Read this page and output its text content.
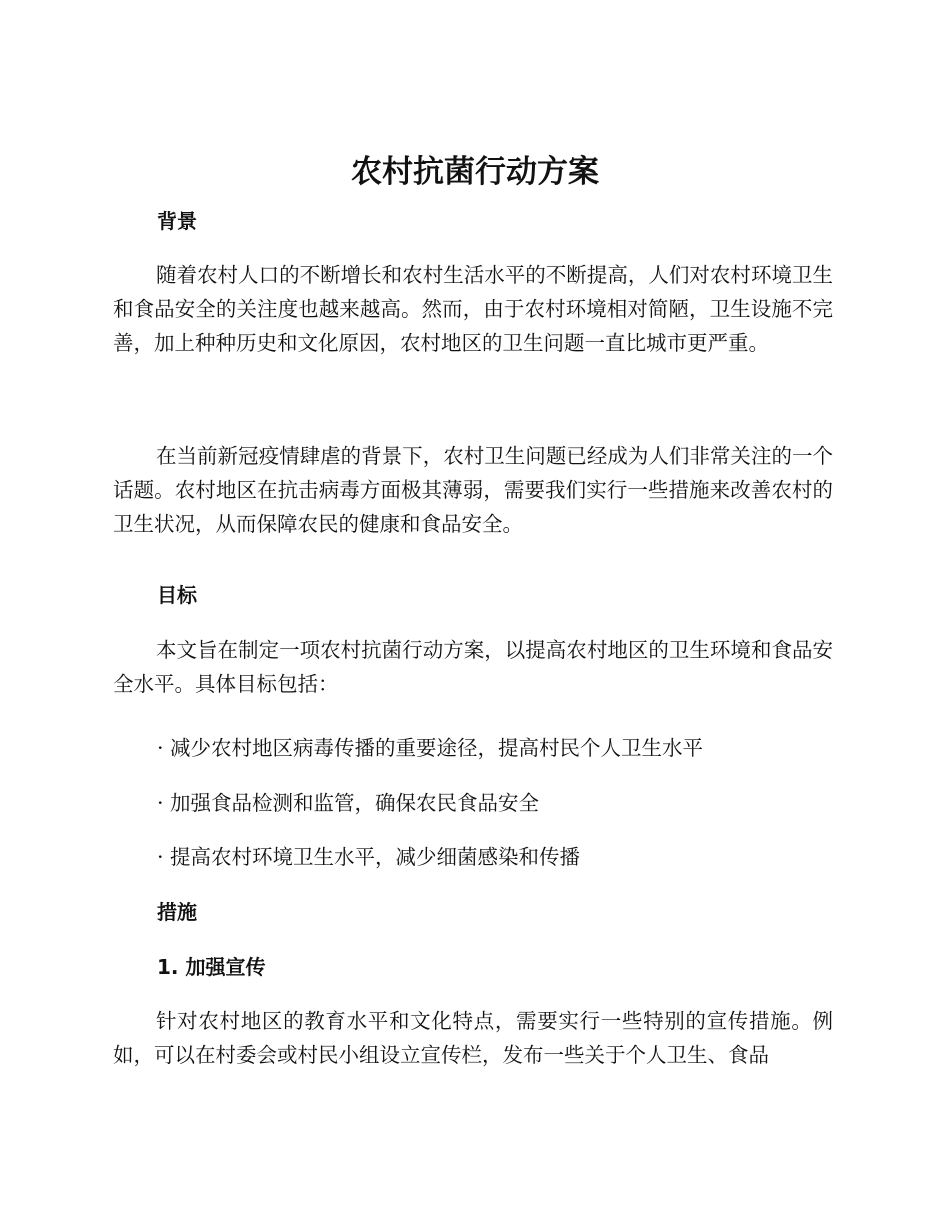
农村抗菌行动方案
背景

随着农村人口的不断增长和农村生活水平的不断提高，人们对农村环境卫生和食品安全的关注度也越来越高。然而，由于农村环境相对简陋，卫生设施不完善，加上种种历史和文化原因，农村地区的卫生问题一直比城市更严重。

在当前新冠疫情肆虐的背景下，农村卫生问题已经成为人们非常关注的一个话题。农村地区在抗击病毒方面极其薄弱，需要我们实行一些措施来改善农村的卫生状况，从而保障农民的健康和食品安全。

目标

本文旨在制定一项农村抗菌行动方案，以提高农村地区的卫生环境和食品安全水平。具体目标包括：

· 减少农村地区病毒传播的重要途径，提高村民个人卫生水平

· 加强食品检测和监管，确保农民食品安全

· 提高农村环境卫生水平，减少细菌感染和传播

措施
1. 加强宣传

针对农村地区的教育水平和文化特点，需要实行一些特别的宣传措施。例如，可以在村委会或村民小组设立宣传栏，发布一些关于个人卫生、食品
